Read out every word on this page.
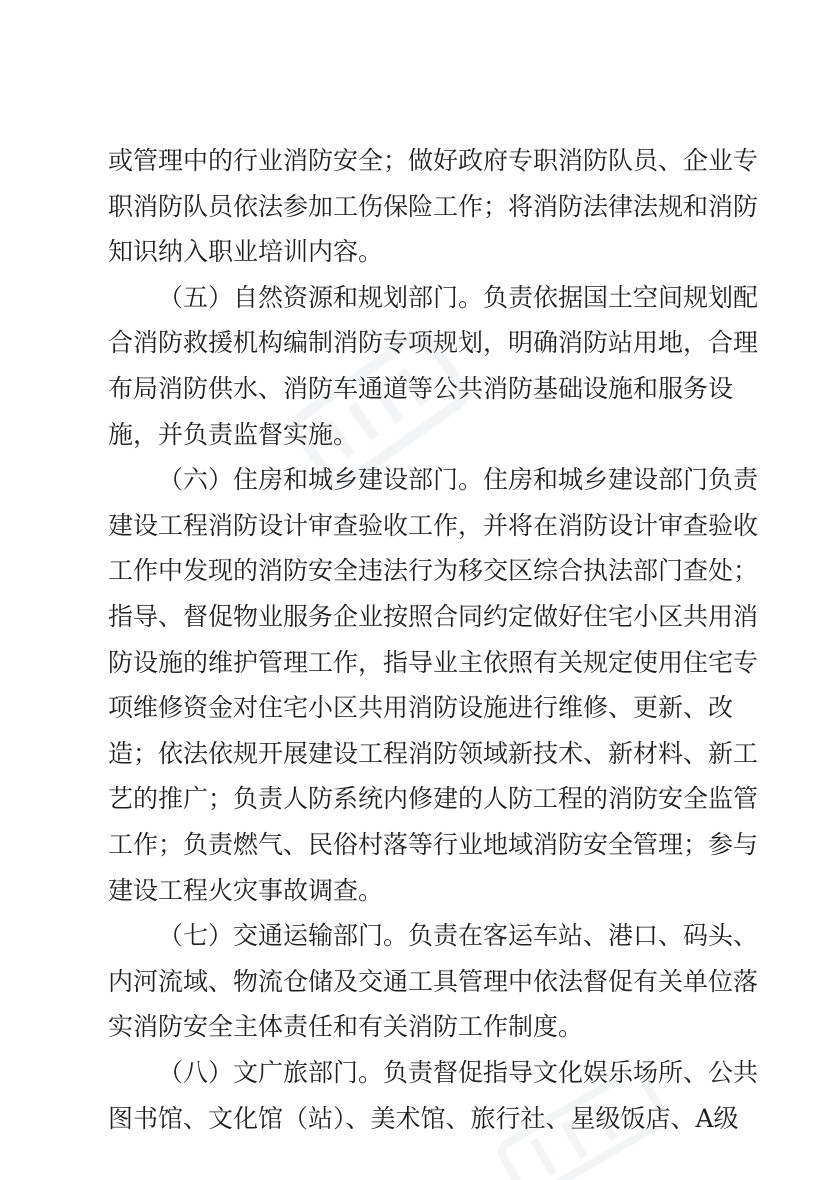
或管理中的行业消防安全；做好政府专职消防队员、企业专
职消防队员依法参加工伤保险工作；将消防法律法规和消防
知识纳入职业培训内容。
（五）自然资源和规划部门。负责依据国土空间规划配
合消防救援机构编制消防专项规划，明确消防站用地，合理
布局消防供水、消防车通道等公共消防基础设施和服务设
施，并负责监督实施。
（六）住房和城乡建设部门。住房和城乡建设部门负责
建设工程消防设计审查验收工作，并将在消防设计审查验收
工作中发现的消防安全违法行为移交区综合执法部门查处；
指导、督促物业服务企业按照合同约定做好住宅小区共用消
防设施的维护管理工作，指导业主依照有关规定使用住宅专
项维修资金对住宅小区共用消防设施进行维修、更新、改
造；依法依规开展建设工程消防领域新技术、新材料、新工
艺的推广；负责人防系统内修建的人防工程的消防安全监管
工作；负责燃气、民俗村落等行业地域消防安全管理；参与
建设工程火灾事故调查。
（七）交通运输部门。负责在客运车站、港口、码头、
内河流域、物流仓储及交通工具管理中依法督促有关单位落
实消防安全主体责任和有关消防工作制度。
（八）文广旅部门。负责督促指导文化娱乐场所、公共
图书馆、文化馆（站）、美术馆、旅行社、星级饭店、A级
